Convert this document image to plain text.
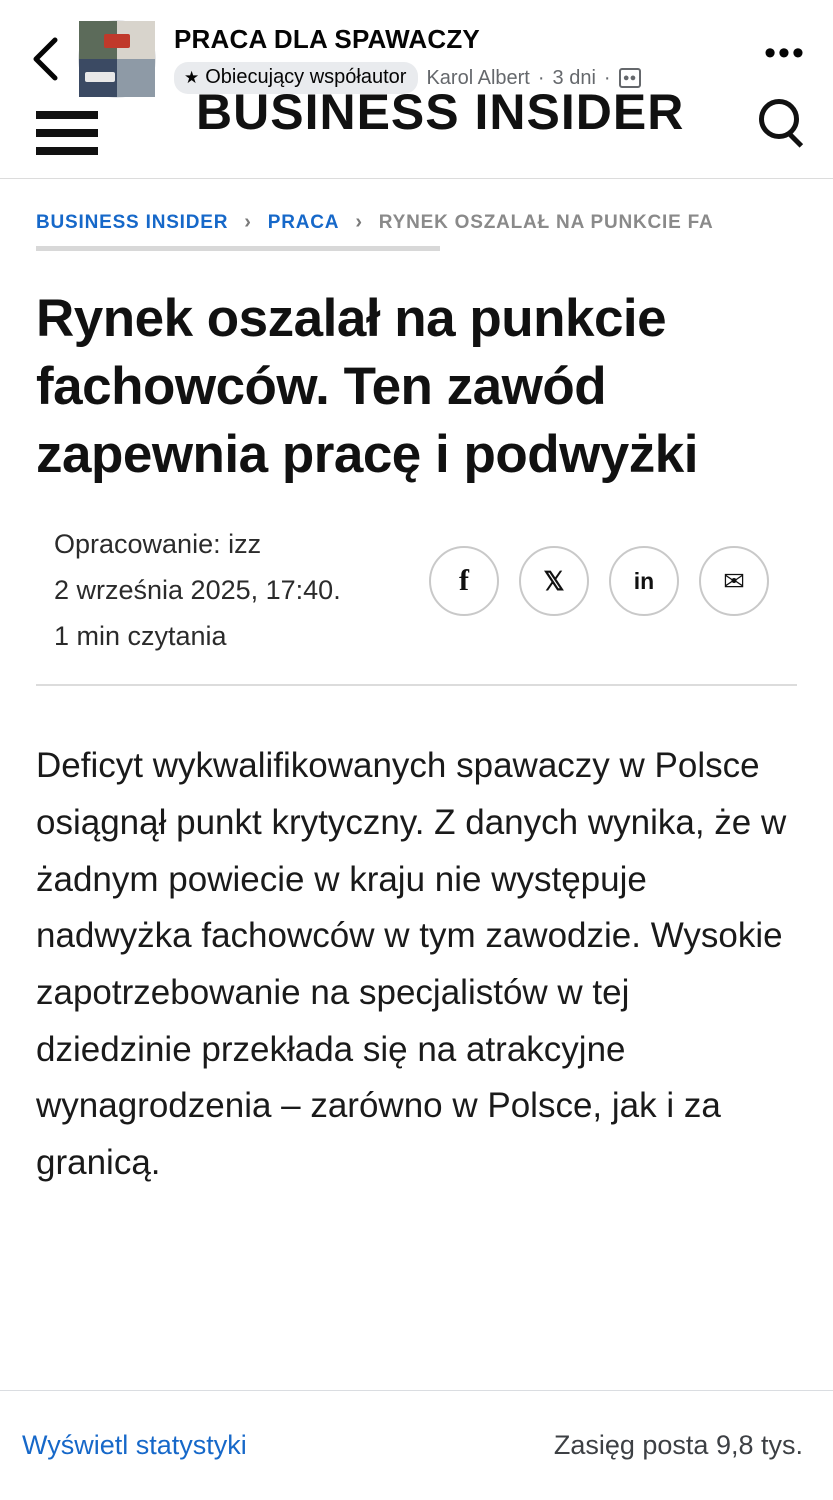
PRACA DLA SPAWACZY
★ Obiecujący współautor Karol Albert · 3 dni ·	●●
•••
BUSINESS INSIDER
BUSINESS INSIDER › PRACA › RYNEK OSZALAŁ NA PUNKCIE FA
Rynek oszalał na punkcie fachowców. Ten zawód zapewnia pracę i podwyżki
Opracowanie: izz
2 września 2025, 17:40.
1 min czytania
f	𝕏	in	✉

Deficyt wykwalifikowanych spawaczy w Polsce osiągnął punkt krytyczny. Z danych wynika, że w żadnym powiecie w kraju nie występuje nadwyżka fachowców w tym zawodzie. Wysokie zapotrzebowanie na specjalistów w tej dziedzinie przekłada się na atrakcyjne wynagrodzenia – zarówno w Polsce, jak i za granicą.

Wyświetl statystyki	Zasięg posta 9,8 tys.
